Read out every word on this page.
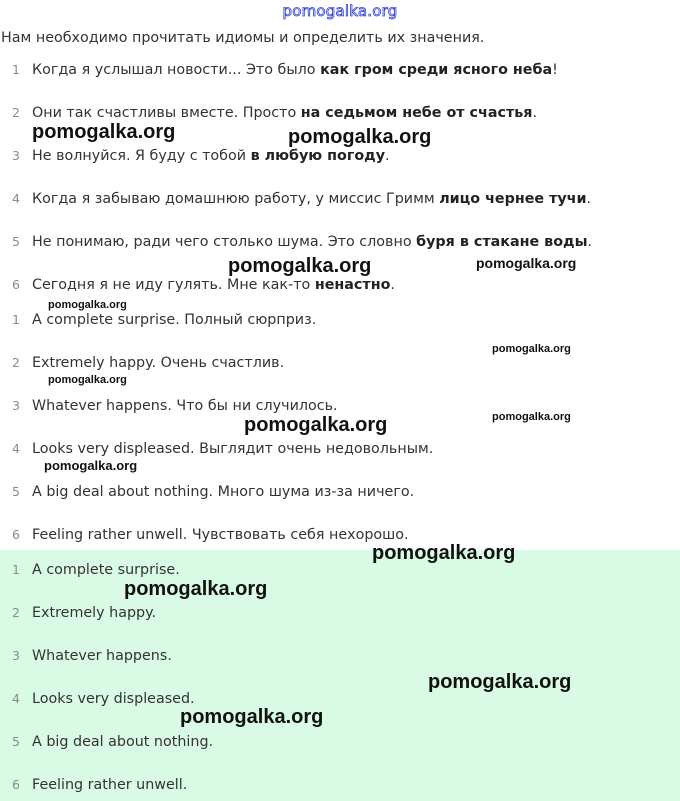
pomogalka.org
Нам необходимо прочитать идиомы и определить их значения.
1 Когда я услышал новости... Это было как гром среди ясного неба!
2 Они так счастливы вместе. Просто на седьмом небе от счастья.
3 Не волнуйся. Я буду с тобой в любую погоду.
4 Когда я забываю домашнюю работу, у миссис Гримм лицо чернее тучи.
5 Не понимаю, ради чего столько шума. Это словно буря в стакане воды.
6 Сегодня я не иду гулять. Мне как-то ненастно.
1 A complete surprise. Полный сюрприз.
2 Extremely happy. Очень счастлив.
3 Whatever happens. Что бы ни случилось.
4 Looks very displeased. Выглядит очень недовольным.
5 A big deal about nothing. Много шума из-за ничего.
6 Feeling rather unwell. Чувствовать себя нехорошо.
1 A complete surprise.
2 Extremely happy.
3 Whatever happens.
4 Looks very displeased.
5 A big deal about nothing.
6 Feeling rather unwell.
pomogalka.org	pomogalka.org
pomogalka.org	pomogalka.org
pomogalka.org
pomogalka.org
pomogalka.org
pomogalka.org
pomogalka.org
pomogalka.org
pomogalka.org
pomogalka.org
pomogalka.org
pomogalka.org
